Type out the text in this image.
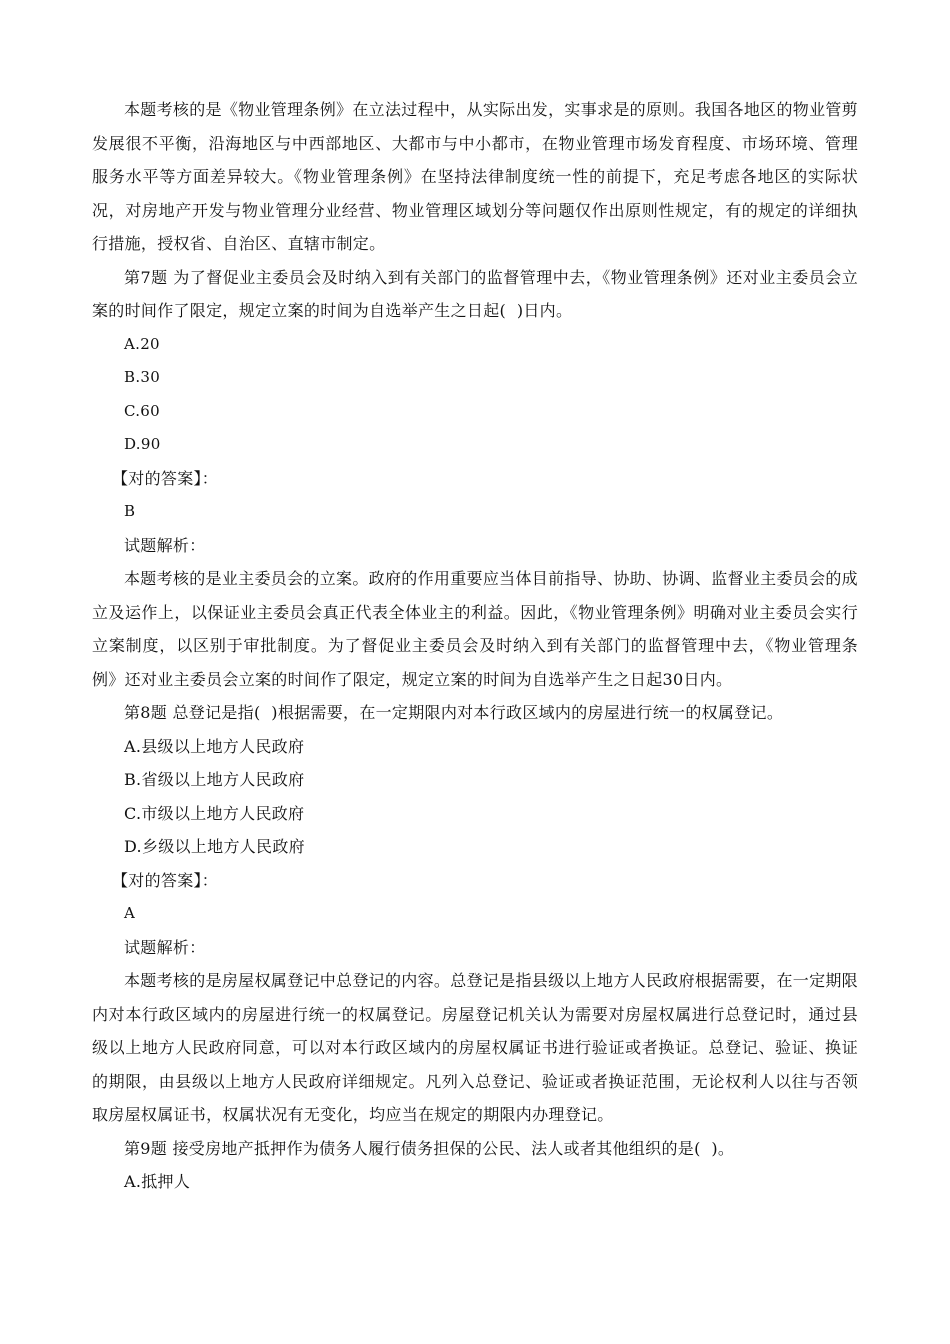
本题考核的是《物业管理条例》在立法过程中，从实际出发，实事求是的原则。我国各地区的物业管剪发展很不平衡，沿海地区与中西部地区、大都市与中小都市，在物业管理市场发育程度、市场环境、管理服务水平等方面差异较大。《物业管理条例》在坚持法律制度统一性的前提下，充足考虑各地区的实际状况，对房地产开发与物业管理分业经营、物业管理区域划分等问题仅作出原则性规定，有的规定的详细执行措施，授权省、自治区、直辖市制定。

第7题 为了督促业主委员会及时纳入到有关部门的监督管理中去，《物业管理条例》还对业主委员会立案的时间作了限定，规定立案的时间为自选举产生之日起(  )日内。

A.20

B.30

C.60

D.90

【对的答案】：

B

试题解析：

本题考核的是业主委员会的立案。政府的作用重要应当体目前指导、协助、协调、监督业主委员会的成立及运作上，以保证业主委员会真正代表全体业主的利益。因此，《物业管理条例》明确对业主委员会实行立案制度，以区别于审批制度。为了督促业主委员会及时纳入到有关部门的监督管理中去，《物业管理条例》还对业主委员会立案的时间作了限定，规定立案的时间为自选举产生之日起30日内。

第8题 总登记是指(  )根据需要，在一定期限内对本行政区域内的房屋进行统一的权属登记。

A.县级以上地方人民政府

B.省级以上地方人民政府

C.市级以上地方人民政府

D.乡级以上地方人民政府

【对的答案】：

A

试题解析：

本题考核的是房屋权属登记中总登记的内容。总登记是指县级以上地方人民政府根据需要，在一定期限内对本行政区域内的房屋进行统一的权属登记。房屋登记机关认为需要对房屋权属进行总登记时，通过县级以上地方人民政府同意，可以对本行政区域内的房屋权属证书进行验证或者换证。总登记、验证、换证的期限，由县级以上地方人民政府详细规定。凡列入总登记、验证或者换证范围，无论权利人以往与否领取房屋权属证书，权属状况有无变化，均应当在规定的期限内办理登记。

第9题 接受房地产抵押作为债务人履行债务担保的公民、法人或者其他组织的是(  )。

A.抵押人
